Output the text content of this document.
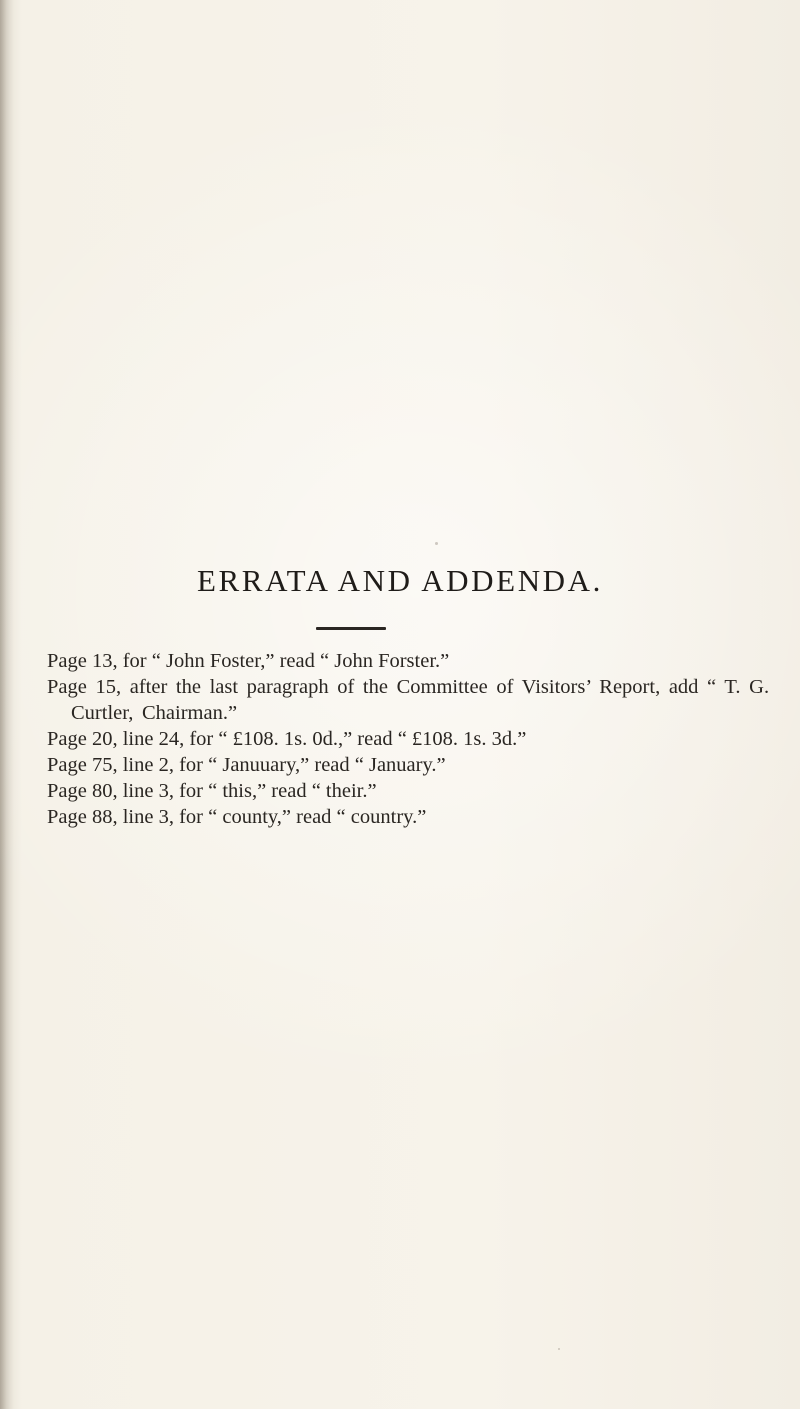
ERRATA AND ADDENDA.
Page 13, for “ John Foster,” read “ John Forster.”
Page 15, after the last paragraph of the Committee of Visitors’ Report, add “ T. G. Curtler, Chairman.”
Page 20, line 24, for “ £108. 1s. 0d.,” read “ £108. 1s. 3d.”
Page 75, line 2, for “ Januuary,” read “ January.”
Page 80, line 3, for “ this,” read “ their.”
Page 88, line 3, for “ county,” read “ country.”
